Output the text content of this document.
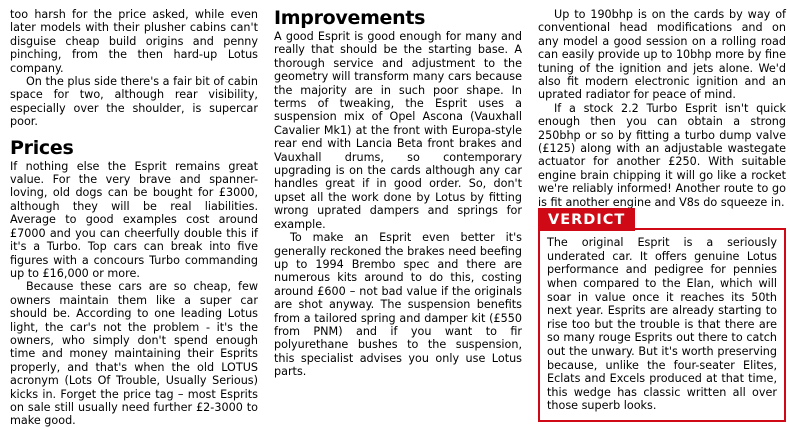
too harsh for the price asked, while even later models with their plusher cabins can't disguise cheap build origins and penny pinching, from the then hard-up Lotus company.

On the plus side there's a fair bit of cabin space for two, although rear visibility, especially over the shoulder, is supercar poor.

Prices

If nothing else the Esprit remains great value. For the very brave and spanner-loving, old dogs can be bought for £3000, although they will be real liabilities. Average to good examples cost around £7000 and you can cheerfully double this if it's a Turbo. Top cars can break into five figures with a concours Turbo commanding up to £16,000 or more.

Because these cars are so cheap, few owners maintain them like a super car should be. According to one leading Lotus light, the car's not the problem - it's the owners, who simply don't spend enough time and money maintaining their Esprits properly, and that's when the old LOTUS acronym (Lots Of Trouble, Usually Serious) kicks in. Forget the price tag – most Esprits on sale still usually need further £2-3000 to make good.

Improvements

A good Esprit is good enough for many and really that should be the starting base. A thorough service and adjustment to the geometry will transform many cars because the majority are in such poor shape. In terms of tweaking, the Esprit uses a suspension mix of Opel Ascona (Vauxhall Cavalier Mk1) at the front with Europa-style rear end with Lancia Beta front brakes and Vauxhall drums, so contemporary upgrading is on the cards although any car handles great if in good order. So, don't upset all the work done by Lotus by fitting wrong uprated dampers and springs for example.

To make an Esprit even better it's generally reckoned the brakes need beefing up to 1994 Brembo spec and there are numerous kits around to do this, costing around £600 – not bad value if the originals are shot anyway. The suspension benefits from a tailored spring and damper kit (£550 from PNM) and if you want to fir polyurethane bushes to the suspension, this specialist advises you only use Lotus parts.

Up to 190bhp is on the cards by way of conventional head modifications and on any model a good session on a rolling road can easily provide up to 10bhp more by fine tuning of the ignition and jets alone. We'd also fit modern electronic ignition and an uprated radiator for peace of mind.

If a stock 2.2 Turbo Esprit isn't quick enough then you can obtain a strong 250bhp or so by fitting a turbo dump valve (£125) along with an adjustable wastegate actuator for another £250. With suitable engine brain chipping it will go like a rocket we're reliably informed! Another route to go is fit another engine and V8s do squeeze in.

VERDICT

The original Esprit is a seriously underated car. It offers genuine Lotus performance and pedigree for pennies when compared to the Elan, which will soar in value once it reaches its 50th next year. Esprits are already starting to rise too but the trouble is that there are so many rouge Esprits out there to catch out the unwary. But it's worth preserving because, unlike the four-seater Elites, Eclats and Excels produced at that time, this wedge has classic written all over those superb looks.
